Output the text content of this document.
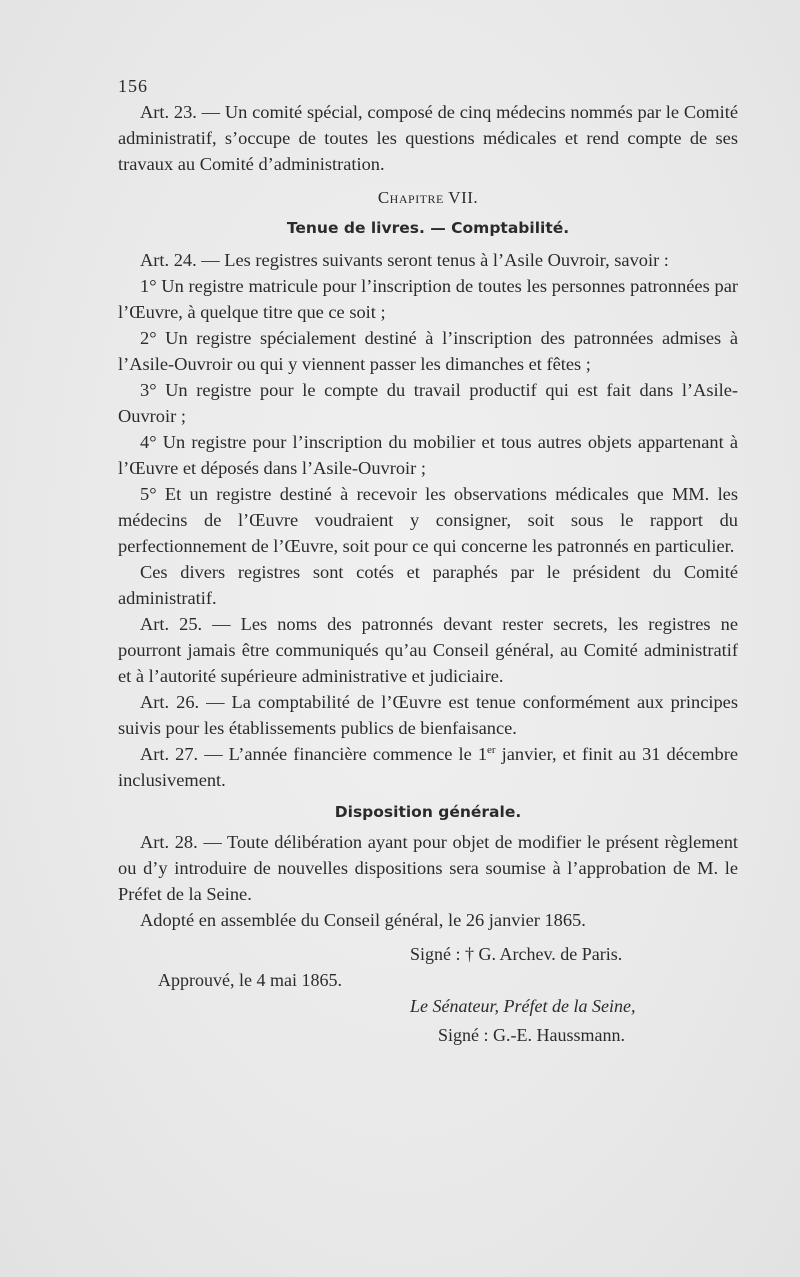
156

Art. 23. — Un comité spécial, composé de cinq médecins nommés par le Comité administratif, s’occupe de toutes les questions médicales et rend compte de ses travaux au Comité d’administration.

Chapitre VII.

Tenue de livres. — Comptabilité.

Art. 24. — Les registres suivants seront tenus à l’Asile Ouvroir, savoir :

1° Un registre matricule pour l’inscription de toutes les personnes patronnées par l’Œuvre, à quelque titre que ce soit ;

2° Un registre spécialement destiné à l’inscription des patronnées admises à l’Asile-Ouvroir ou qui y viennent passer les dimanches et fêtes ;

3° Un registre pour le compte du travail productif qui est fait dans l’Asile-Ouvroir ;

4° Un registre pour l’inscription du mobilier et tous autres objets appartenant à l’Œuvre et déposés dans l’Asile-Ouvroir ;

5° Et un registre destiné à recevoir les observations médicales que MM. les médecins de l’Œuvre voudraient y consigner, soit sous le rapport du perfectionnement de l’Œuvre, soit pour ce qui concerne les patronnés en particulier.

Ces divers registres sont cotés et paraphés par le président du Comité administratif.

Art. 25. — Les noms des patronnés devant rester secrets, les registres ne pourront jamais être communiqués qu’au Conseil général, au Comité administratif et à l’autorité supérieure administrative et judiciaire.

Art. 26. — La comptabilité de l’Œuvre est tenue conformément aux principes suivis pour les établissements publics de bienfaisance.

Art. 27. — L’année financière commence le 1er janvier, et finit au 31 décembre inclusivement.

Disposition générale.

Art. 28. — Toute délibération ayant pour objet de modifier le présent règlement ou d’y introduire de nouvelles dispositions sera soumise à l’approbation de M. le Préfet de la Seine.

Adopté en assemblée du Conseil général, le 26 janvier 1865.

Signé : † G. Archev. de Paris.
Approuvé, le 4 mai 1865.
Le Sénateur, Préfet de la Seine,
Signé : G.-E. Haussmann.
